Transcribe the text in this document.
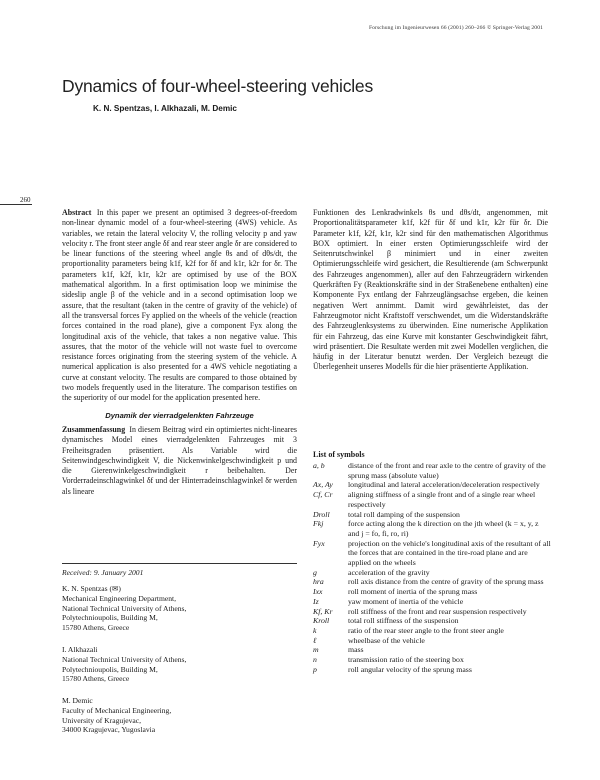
Forschung im Ingenieurwesen 66 (2001) 260–266 © Springer-Verlag 2001
Dynamics of four-wheel-steering vehicles
K. N. Spentzas, I. Alkhazali, M. Demic
260

Abstract In this paper we present an optimised 3 degrees-of-freedom non-linear dynamic model of a four-wheel-steering (4WS) vehicle. As variables, we retain the lateral velocity V, the rolling velocity p and yaw velocity r. The front steer angle δf and rear steer angle δr are considered to be linear functions of the steering wheel angle θs and of dθs/dt, the proportionality parameters being k1f, k2f for δf and k1r, k2r for δr. The parameters k1f, k2f, k1r, k2r are optimised by use of the BOX mathematical algorithm. In a first optimisation loop we minimise the sideslip angle β of the vehicle and in a second optimisation loop we assure, that the resultant (taken in the centre of gravity of the vehicle) of all the transversal forces Fy applied on the wheels of the vehicle (reaction forces contained in the road plane), give a component Fyx along the longitudinal axis of the vehicle, that takes a non negative value. This assures, that the motor of the vehicle will not waste fuel to overcome resistance forces originating from the steering system of the vehicle. A numerical application is also presented for a 4WS vehicle negotiating a curve at constant velocity. The results are compared to those obtained by two models frequently used in the literature. The comparison testifies on the superiority of our model for the application presented here.

Dynamik der vierradgelenkten Fahrzeuge

Zusammenfassung In diesem Beitrag wird ein optimiertes nicht-lineares dynamisches Model eines vierradgelenkten Fahrzeuges mit 3 Freiheitsgraden präsentiert. Als Variable wird die Seitenwindgeschwindigkeit V, die Nickenwinkelgeschwindigkeit p und die Gierenwinkelgeschwindigkeit r beibehalten. Der Vorderradeinschlagwinkel δf und der Hinterradeinschlagwinkel δr werden als lineare

Received: 9. January 2001
K. N. Spentzas (✉)
Mechanical Engineering Department,
National Technical University of Athens,
Polytechnioupolis, Building M,
15780 Athens, Greece
I. Alkhazali
National Technical University of Athens,
Polytechnioupolis, Building M,
15780 Athens, Greece
M. Demic
Faculty of Mechanical Engineering,
University of Kragujevac,
34000 Kragujevac, Yugoslavia

Funktionen des Lenkradwinkels θs und dθs/dt, angenommen, mit Proportionalitätsparameter k1f, k2f für δf und k1r, k2r für δr. Die Parameter k1f, k2f, k1r, k2r sind für den mathematischen Algorithmus BOX optimiert. In einer ersten Optimierungsschleife wird der Seitenrutschwinkel β minimiert und in einer zweiten Optimierungsschleife wird gesichert, die Resultierende (am Schwerpunkt des Fahrzeuges angenommen), aller auf den Fahrzeugrädern wirkenden Querkräften Fy (Reaktionskräfte sind in der Straßenebene enthalten) eine Komponente Fyx entlang der Fahrzeuglängsachse ergeben, die keinen negativen Wert annimmt. Damit wird gewährleistet, das der Fahrzeugmotor nicht Kraftstoff verschwendet, um die Widerstandskräfte des Fahrzeuglenksystems zu überwinden. Eine numerische Applikation für ein Fahrzeug, das eine Kurve mit konstanter Geschwindigkeit fährt, wird präsentiert. Die Resultate werden mit zwei Modellen verglichen, die häufig in der Literatur benutzt werden. Der Vergleich bezeugt die Überlegenheit unseres Modells für die hier präsentierte Applikation.

List of symbols
a, b	distance of the front and rear axle to the centre of gravity of the sprung mass (absolute value)
Ax, Ay	longitudinal and lateral acceleration/deceleration respectively
Cf, Cr	aligning stiffness of a single front and of a single rear wheel respectively
Droll	total roll damping of the suspension
Fkj	force acting along the k direction on the jth wheel (k = x, y, z and j = fo, fi, ro, ri)
Fyx	projection on the vehicle's longitudinal axis of the resultant of all the forces that are contained in the tire-road plane and are applied on the wheels
g	acceleration of the gravity
hra	roll axis distance from the centre of gravity of the sprung mass
Ixx	roll moment of inertia of the sprung mass
Iz	yaw moment of inertia of the vehicle
Kf, Kr	roll stiffness of the front and rear suspension respectively
Kroll	total roll stiffness of the suspension
k	ratio of the rear steer angle to the front steer angle
ℓ	wheelbase of the vehicle
m	mass
n	transmission ratio of the steering box
p	roll angular velocity of the sprung mass
